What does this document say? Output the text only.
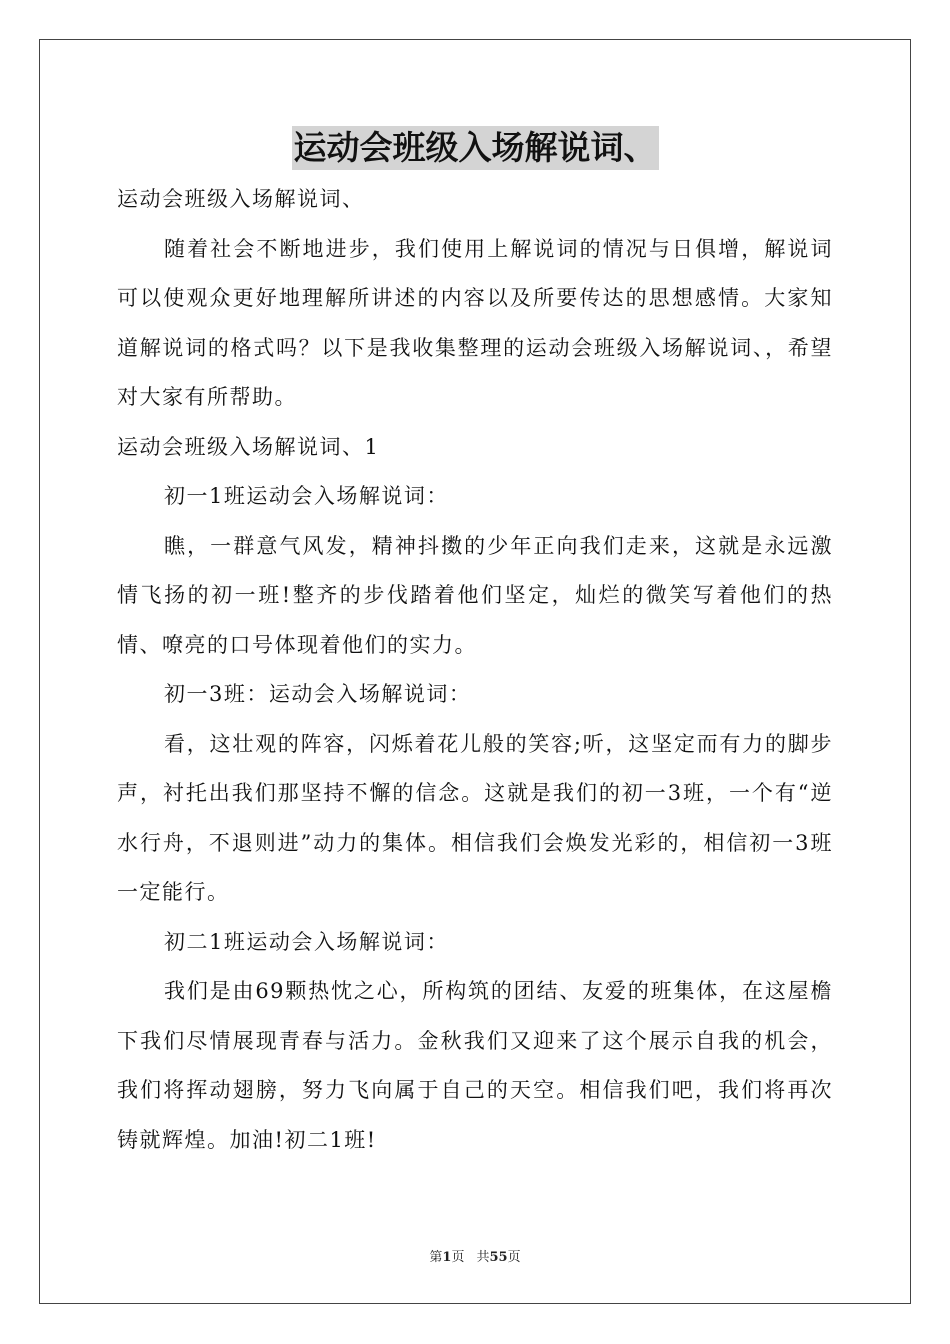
运动会班级入场解说词、

运动会班级入场解说词、

随着社会不断地进步，我们使用上解说词的情况与日俱增，解说词可以使观众更好地理解所讲述的内容以及所要传达的思想感情。大家知道解说词的格式吗？以下是我收集整理的运动会班级入场解说词、，希望对大家有所帮助。

运动会班级入场解说词、1

初一1班运动会入场解说词：

瞧，一群意气风发，精神抖擞的少年正向我们走来，这就是永远激情飞扬的初一班!整齐的步伐踏着他们坚定，灿烂的微笑写着他们的热情、嘹亮的口号体现着他们的实力。

初一3班：运动会入场解说词：

看，这壮观的阵容，闪烁着花儿般的笑容;听，这坚定而有力的脚步声，衬托出我们那坚持不懈的信念。这就是我们的初一3班，一个有“逆水行舟，不退则进”动力的集体。相信我们会焕发光彩的，相信初一3班一定能行。

初二1班运动会入场解说词：

我们是由69颗热忱之心，所构筑的团结、友爱的班集体，在这屋檐下我们尽情展现青春与活力。金秋我们又迎来了这个展示自我的机会，我们将挥动翅膀，努力飞向属于自己的天空。相信我们吧，我们将再次铸就辉煌。加油!初二1班!

第1页 共55页
